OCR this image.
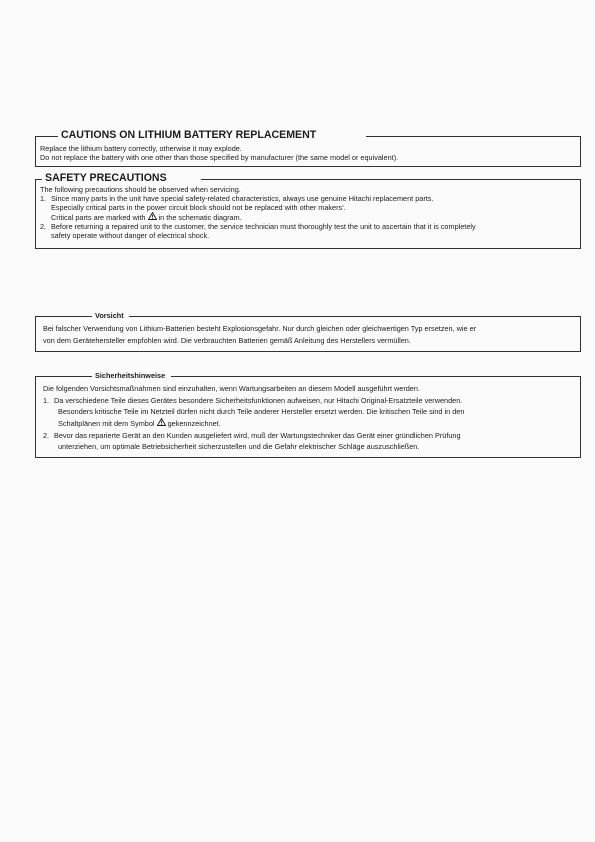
CAUTIONS ON LITHIUM BATTERY REPLACEMENT
Replace the lithium battery correctly, otherwise it may explode.
Do not replace the battery with one other than those specified by manufacturer (the same model or equivalent).
SAFETY PRECAUTIONS
The following precautions should be observed when servicing.
1. Since many parts in the unit have special safety-related characteristics, always use genuine Hitachi replacement parts.
Especially critical parts in the power circuit block should not be replaced with other makers'.
Critical parts are marked with in the schematic diagram.
2. Before returning a repaired unit to the customer, the service technician must thoroughly test the unit to ascertain that it is completely
safety operate without danger of electrical shock.
Vorsicht
Bei falscher Verwendung von Lithium-Batterien besteht Explosionsgefahr. Nur durch gleichen oder gleichwertigen Typ ersetzen, wie er
von dem Gerätehersteller empfohlen wird. Die verbrauchten Batterien gemäß Anleitung des Herstellers vermüllen.
Sicherheitshinweise
Die folgenden Vorsichtsmaßnahmen sind einzuhalten, wenn Wartungsarbeiten an diesem Modell ausgeführt werden.
1. Da verschiedene Teile dieses Gerätes besondere Sicherheitsfunktionen aufweisen, nur Hitachi Original-Ersatzteile verwenden.
Besonders kritische Teile im Netzteil dürfen nicht durch Teile anderer Hersteller ersetzt werden. Die kritischen Teile sind in den
Schaltplänen mit dem Symbol gekennzeichnet.
2. Bevor das reparierte Gerät an den Kunden ausgeliefert wird, muß der Wartungstechniker das Gerät einer gründlichen Prüfung
unterziehen, um optimale Betriebsicherheit sicherzustellen und die Gefahr elektrischer Schläge auszuschließen.
